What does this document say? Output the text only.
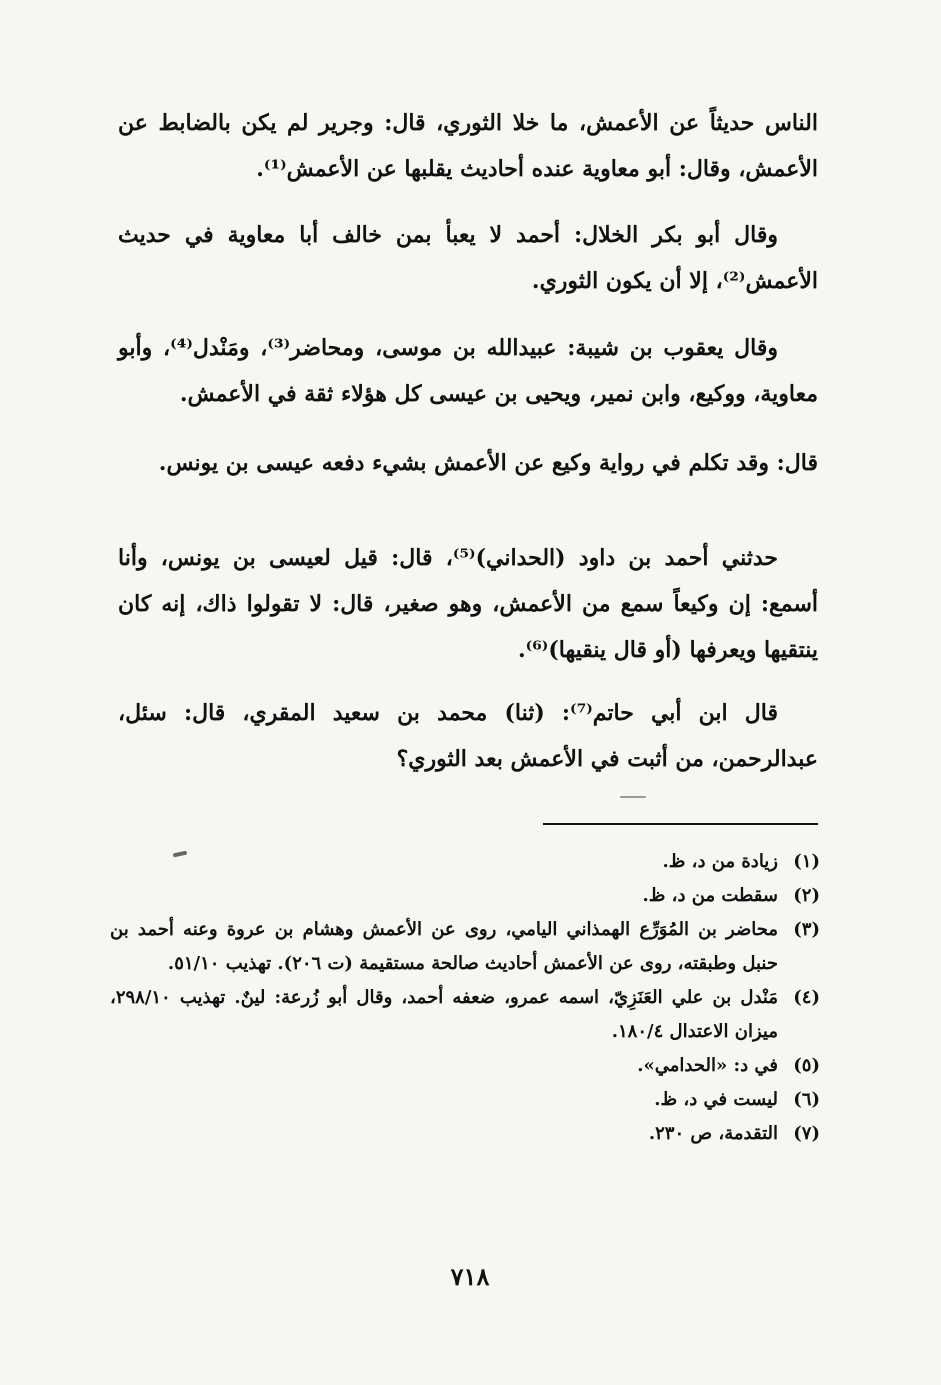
الناس حديثاً عن الأعمش، ما خلا الثوري، قال: وجرير لم يكن بالضابط عن الأعمش، وقال: أبو معاوية عنده أحاديث يقلبها عن الأعمش⁽¹⁾.
وقال أبو بكر الخلال: أحمد لا يعبأ بمن خالف أبا معاوية في حديث الأعمش⁽²⁾، إلا أن يكون الثوري.
وقال يعقوب بن شيبة: عبيدالله بن موسى، ومحاضر⁽³⁾، ومَنْدل⁽⁴⁾، وأبو معاوية، ووكيع، وابن نمير، ويحيى بن عيسى كل هؤلاء ثقة في الأعمش.
قال: وقد تكلم في رواية وكيع عن الأعمش بشيء دفعه عيسى بن يونس.
حدثني أحمد بن داود (الحداني)⁽⁵⁾، قال: قيل لعيسى بن يونس، وأنا أسمع: إن وكيعاً سمع من الأعمش، وهو صغير، قال: لا تقولوا ذاك، إنه كان ينتقيها ويعرفها (أو قال ينقيها)⁽⁶⁾.
قال ابن أبي حاتم⁽⁷⁾: (ثنا) محمد بن سعيد المقري، قال: سئل، عبدالرحمن، من أثبت في الأعمش بعد الثوري؟
(١)
زيادة من د، ظ.
(٢)
سقطت من د، ظ.
(٣)
محاضر بن المُوَرِّع الهمذاني اليامي، روى عن الأعمش وهشام بن عروة وعنه أحمد بن حنبل وطبقته، روى عن الأعمش أحاديث صالحة مستقيمة (ت ٢٠٦). تهذيب ٥١/١٠.
(٤)
مَنْدل بن علي العَنَزِيّ، اسمه عمرو، ضعفه أحمد، وقال أبو زُرعة: لينٌ. تهذيب ٢٩٨/١٠، ميزان الاعتدال ١٨٠/٤.
(٥)
في د: «الحدامي».
(٦)
ليست في د، ظ.
(٧)
التقدمة، ص ٢٣٠.
٧١٨
